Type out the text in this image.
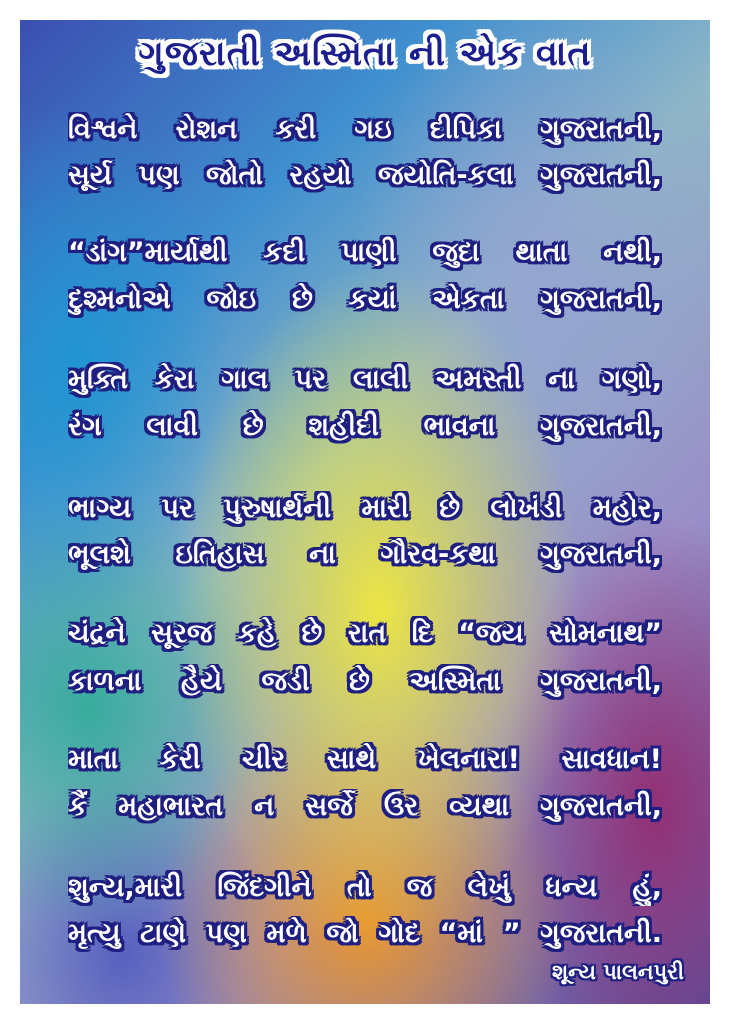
ગુજરાતી અસ્મિતા ની એક વાત
વિશ્વને રોશન કરી ગઇ દીપિકા ગુજરાતની,
સૂર્ય પણ જોતો રહયો જયોતિ-કલા ગુજરાતની,
“ડાંગ”માર્યાથી કદી પાણી જુદા થાતા નથી,
દુશ્મનોએ જોઇ છે કયાં એકતા ગુજરાતની,
મુક્તિ કેરા ગાલ પર લાલી અમસ્તી ના ગણો,
રંગ લાવી છે શહીદી ભાવના ગુજરાતની,
ભાગ્ય પર પુરુષાર્થની મારી છે લોખંડી મહોર,
ભૂલશે ઇતિહાસ ના ગૌરવ-કથા ગુજરાતની,
ચંદ્રને સૂરજ કહે છે રાત દિ “જય સોમનાથ”
કાળના હૈયે જડી છે અસ્મિતા ગુજરાતની,
માતા કેરી ચીર સાથે ખેલનારા! સાવધાન!
કૈં મહાભારત ન સર્જે ઉર વ્યથા ગુજરાતની,
શુન્ય,મારી જિંદગીને તો જ લેખું ધન્ય હું,
મૃત્યુ ટાણે પણ મળે જો ગોદ “માં ” ગુજરાતની.
શૂન્ય પાલનપુરી
